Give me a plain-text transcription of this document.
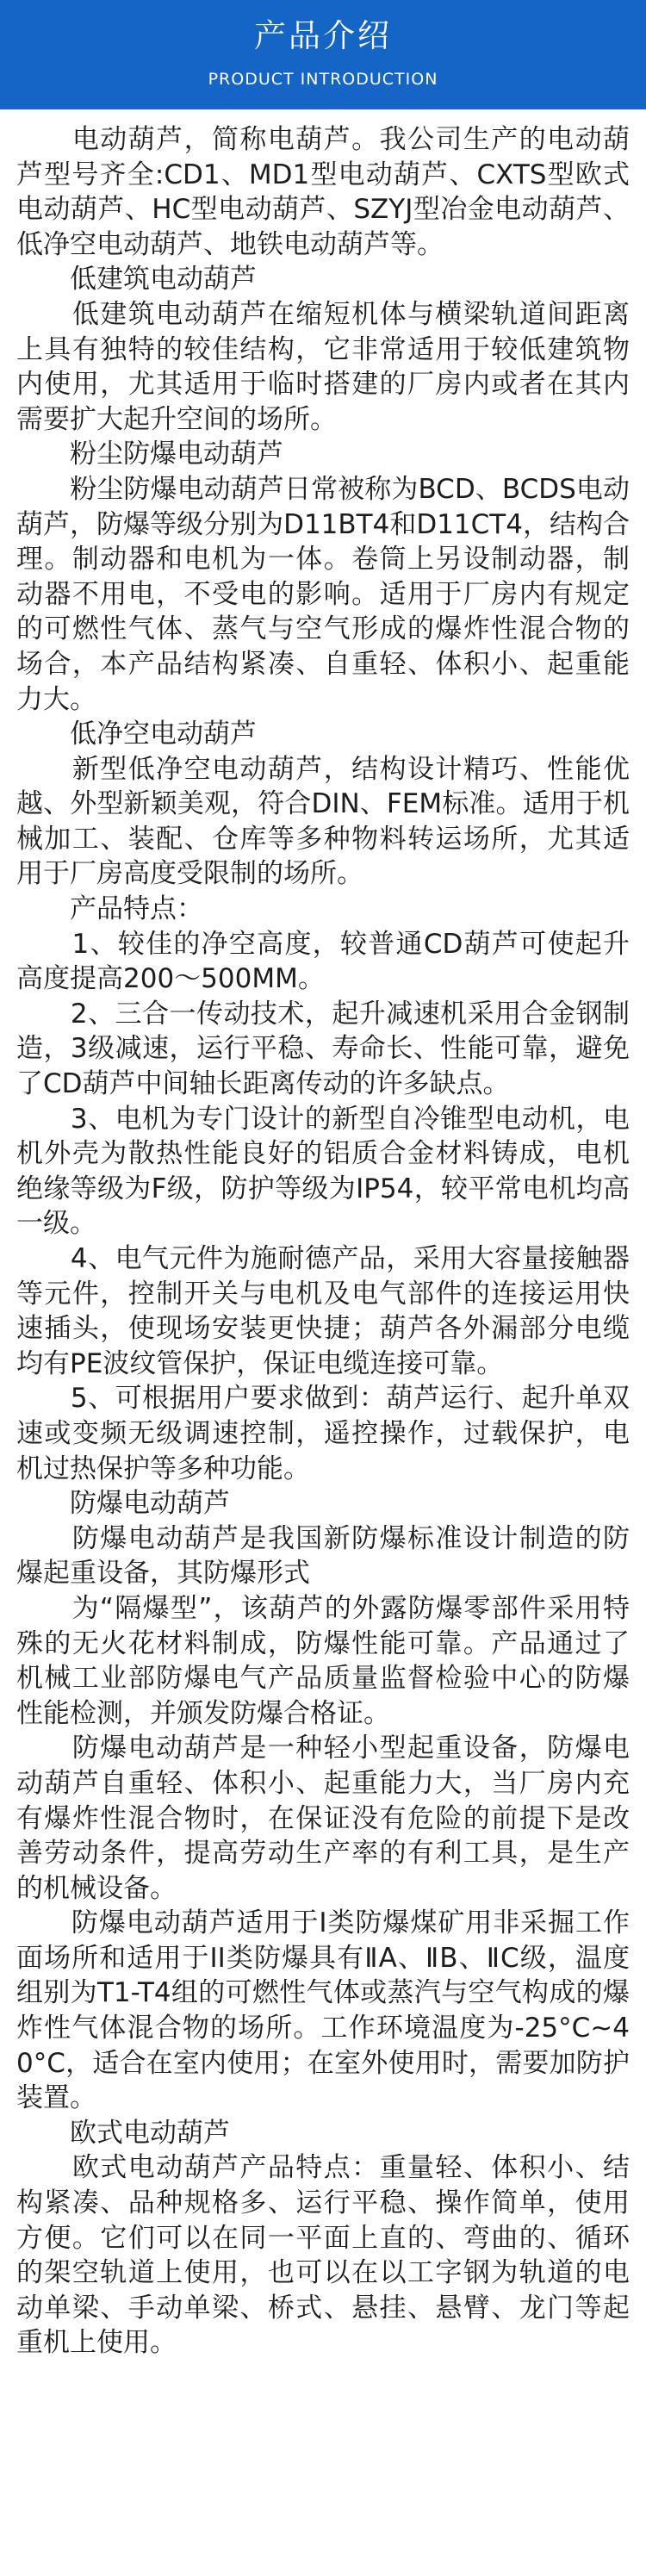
产品介绍
PRODUCT INTRODUCTION

　　电动葫芦，简称电葫芦。我公司生产的电动葫芦型号齐全:CD1、MD1型电动葫芦、CXTS型欧式电动葫芦、HC型电动葫芦、SZYJ型冶金电动葫芦、低净空电动葫芦、地铁电动葫芦等。

　　低建筑电动葫芦

　　低建筑电动葫芦在缩短机体与横梁轨道间距离上具有独特的较佳结构，它非常适用于较低建筑物内使用，尤其适用于临时搭建的厂房内或者在其内需要扩大起升空间的场所。

　　粉尘防爆电动葫芦

　　粉尘防爆电动葫芦日常被称为BCD、BCDS电动葫芦，防爆等级分别为D11BT4和D11CT4，结构合理。制动器和电机为一体。卷筒上另设制动器，制动器不用电，不受电的影响。适用于厂房内有规定的可燃性气体、蒸气与空气形成的爆炸性混合物的场合，本产品结构紧凑、自重轻、体积小、起重能力大。

　　低净空电动葫芦

　　新型低净空电动葫芦，结构设计精巧、性能优越、外型新颖美观，符合DIN、FEM标准。适用于机械加工、装配、仓库等多种物料转运场所，尤其适用于厂房高度受限制的场所。

　　产品特点：

　　1、较佳的净空高度，较普通CD葫芦可使起升高度提高200～500MM。

　　2、三合一传动技术，起升减速机采用合金钢制造，3级减速，运行平稳、寿命长、性能可靠，避免了CD葫芦中间轴长距离传动的许多缺点。

　　3、电机为专门设计的新型自冷锥型电动机，电机外壳为散热性能良好的铝质合金材料铸成，电机绝缘等级为F级，防护等级为IP54，较平常电机均高一级。

　　4、电气元件为施耐德产品，采用大容量接触器等元件，控制开关与电机及电气部件的连接运用快速插头，使现场安装更快捷；葫芦各外漏部分电缆均有PE波纹管保护，保证电缆连接可靠。

　　5、可根据用户要求做到：葫芦运行、起升单双速或变频无级调速控制，遥控操作，过载保护，电机过热保护等多种功能。

　　防爆电动葫芦

　　防爆电动葫芦是我国新防爆标准设计制造的防爆起重设备，其防爆形式

　　为“隔爆型”，该葫芦的外露防爆零部件采用特殊的无火花材料制成，防爆性能可靠。产品通过了机械工业部防爆电气产品质量监督检验中心的防爆性能检测，并颁发防爆合格证。

　　防爆电动葫芦是一种轻小型起重设备，防爆电动葫芦自重轻、体积小、起重能力大，当厂房内充有爆炸性混合物时，在保证没有危险的前提下是改善劳动条件，提高劳动生产率的有利工具，是生产的机械设备。

　　防爆电动葫芦适用于I类防爆煤矿用非采掘工作面场所和适用于II类防爆具有ⅡA、ⅡB、ⅡC级，温度组别为T1-T4组的可燃性气体或蒸汽与空气构成的爆炸性气体混合物的场所。工作环境温度为-25°C~40°C，适合在室内使用；在室外使用时，需要加防护装置。

　　欧式电动葫芦

　　欧式电动葫芦产品特点：重量轻、体积小、结构紧凑、品种规格多、运行平稳、操作简单，使用方便。它们可以在同一平面上直的、弯曲的、循环的架空轨道上使用，也可以在以工字钢为轨道的电动单梁、手动单梁、桥式、悬挂、悬臂、龙门等起重机上使用。
